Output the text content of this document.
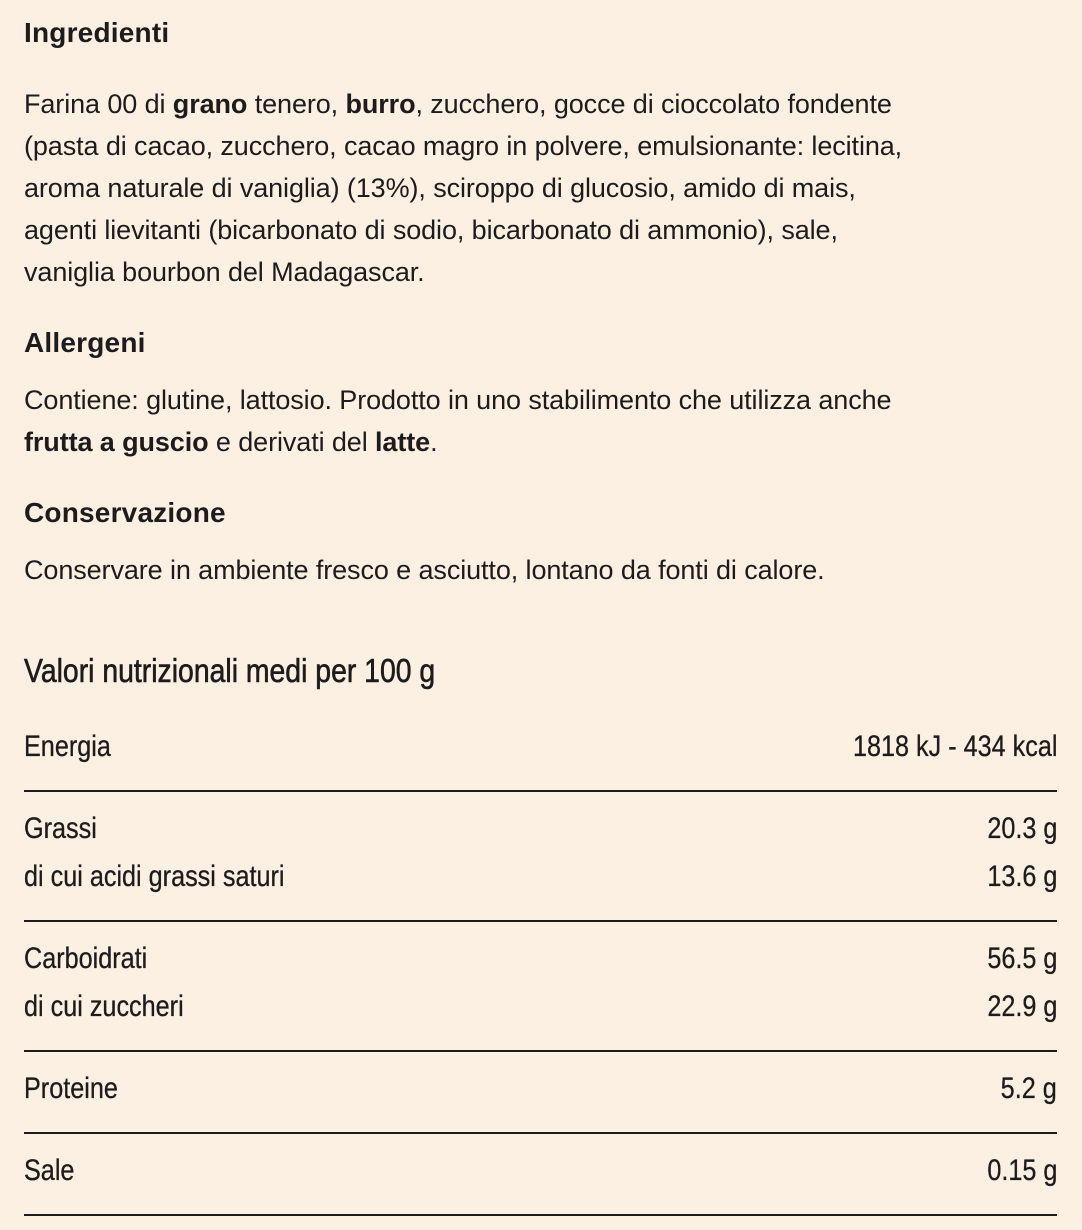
Ingredienti
Farina 00 di grano tenero, burro, zucchero, gocce di cioccolato fondente
(pasta di cacao, zucchero, cacao magro in polvere, emulsionante: lecitina,
aroma naturale di vaniglia) (13%), sciroppo di glucosio, amido di mais,
agenti lievitanti (bicarbonato di sodio, bicarbonato di ammonio), sale,
vaniglia bourbon del Madagascar.
Allergeni
Contiene: glutine, lattosio. Prodotto in uno stabilimento che utilizza anche
frutta a guscio e derivati del latte.
Conservazione
Conservare in ambiente fresco e asciutto, lontano da fonti di calore.
Valori nutrizionali medi per 100 g
Energia	1818 kJ - 434 kcal
Grassi	20.3 g
di cui acidi grassi saturi	13.6 g
Carboidrati	56.5 g
di cui zuccheri	22.9 g
Proteine	5.2 g
Sale	0.15 g
